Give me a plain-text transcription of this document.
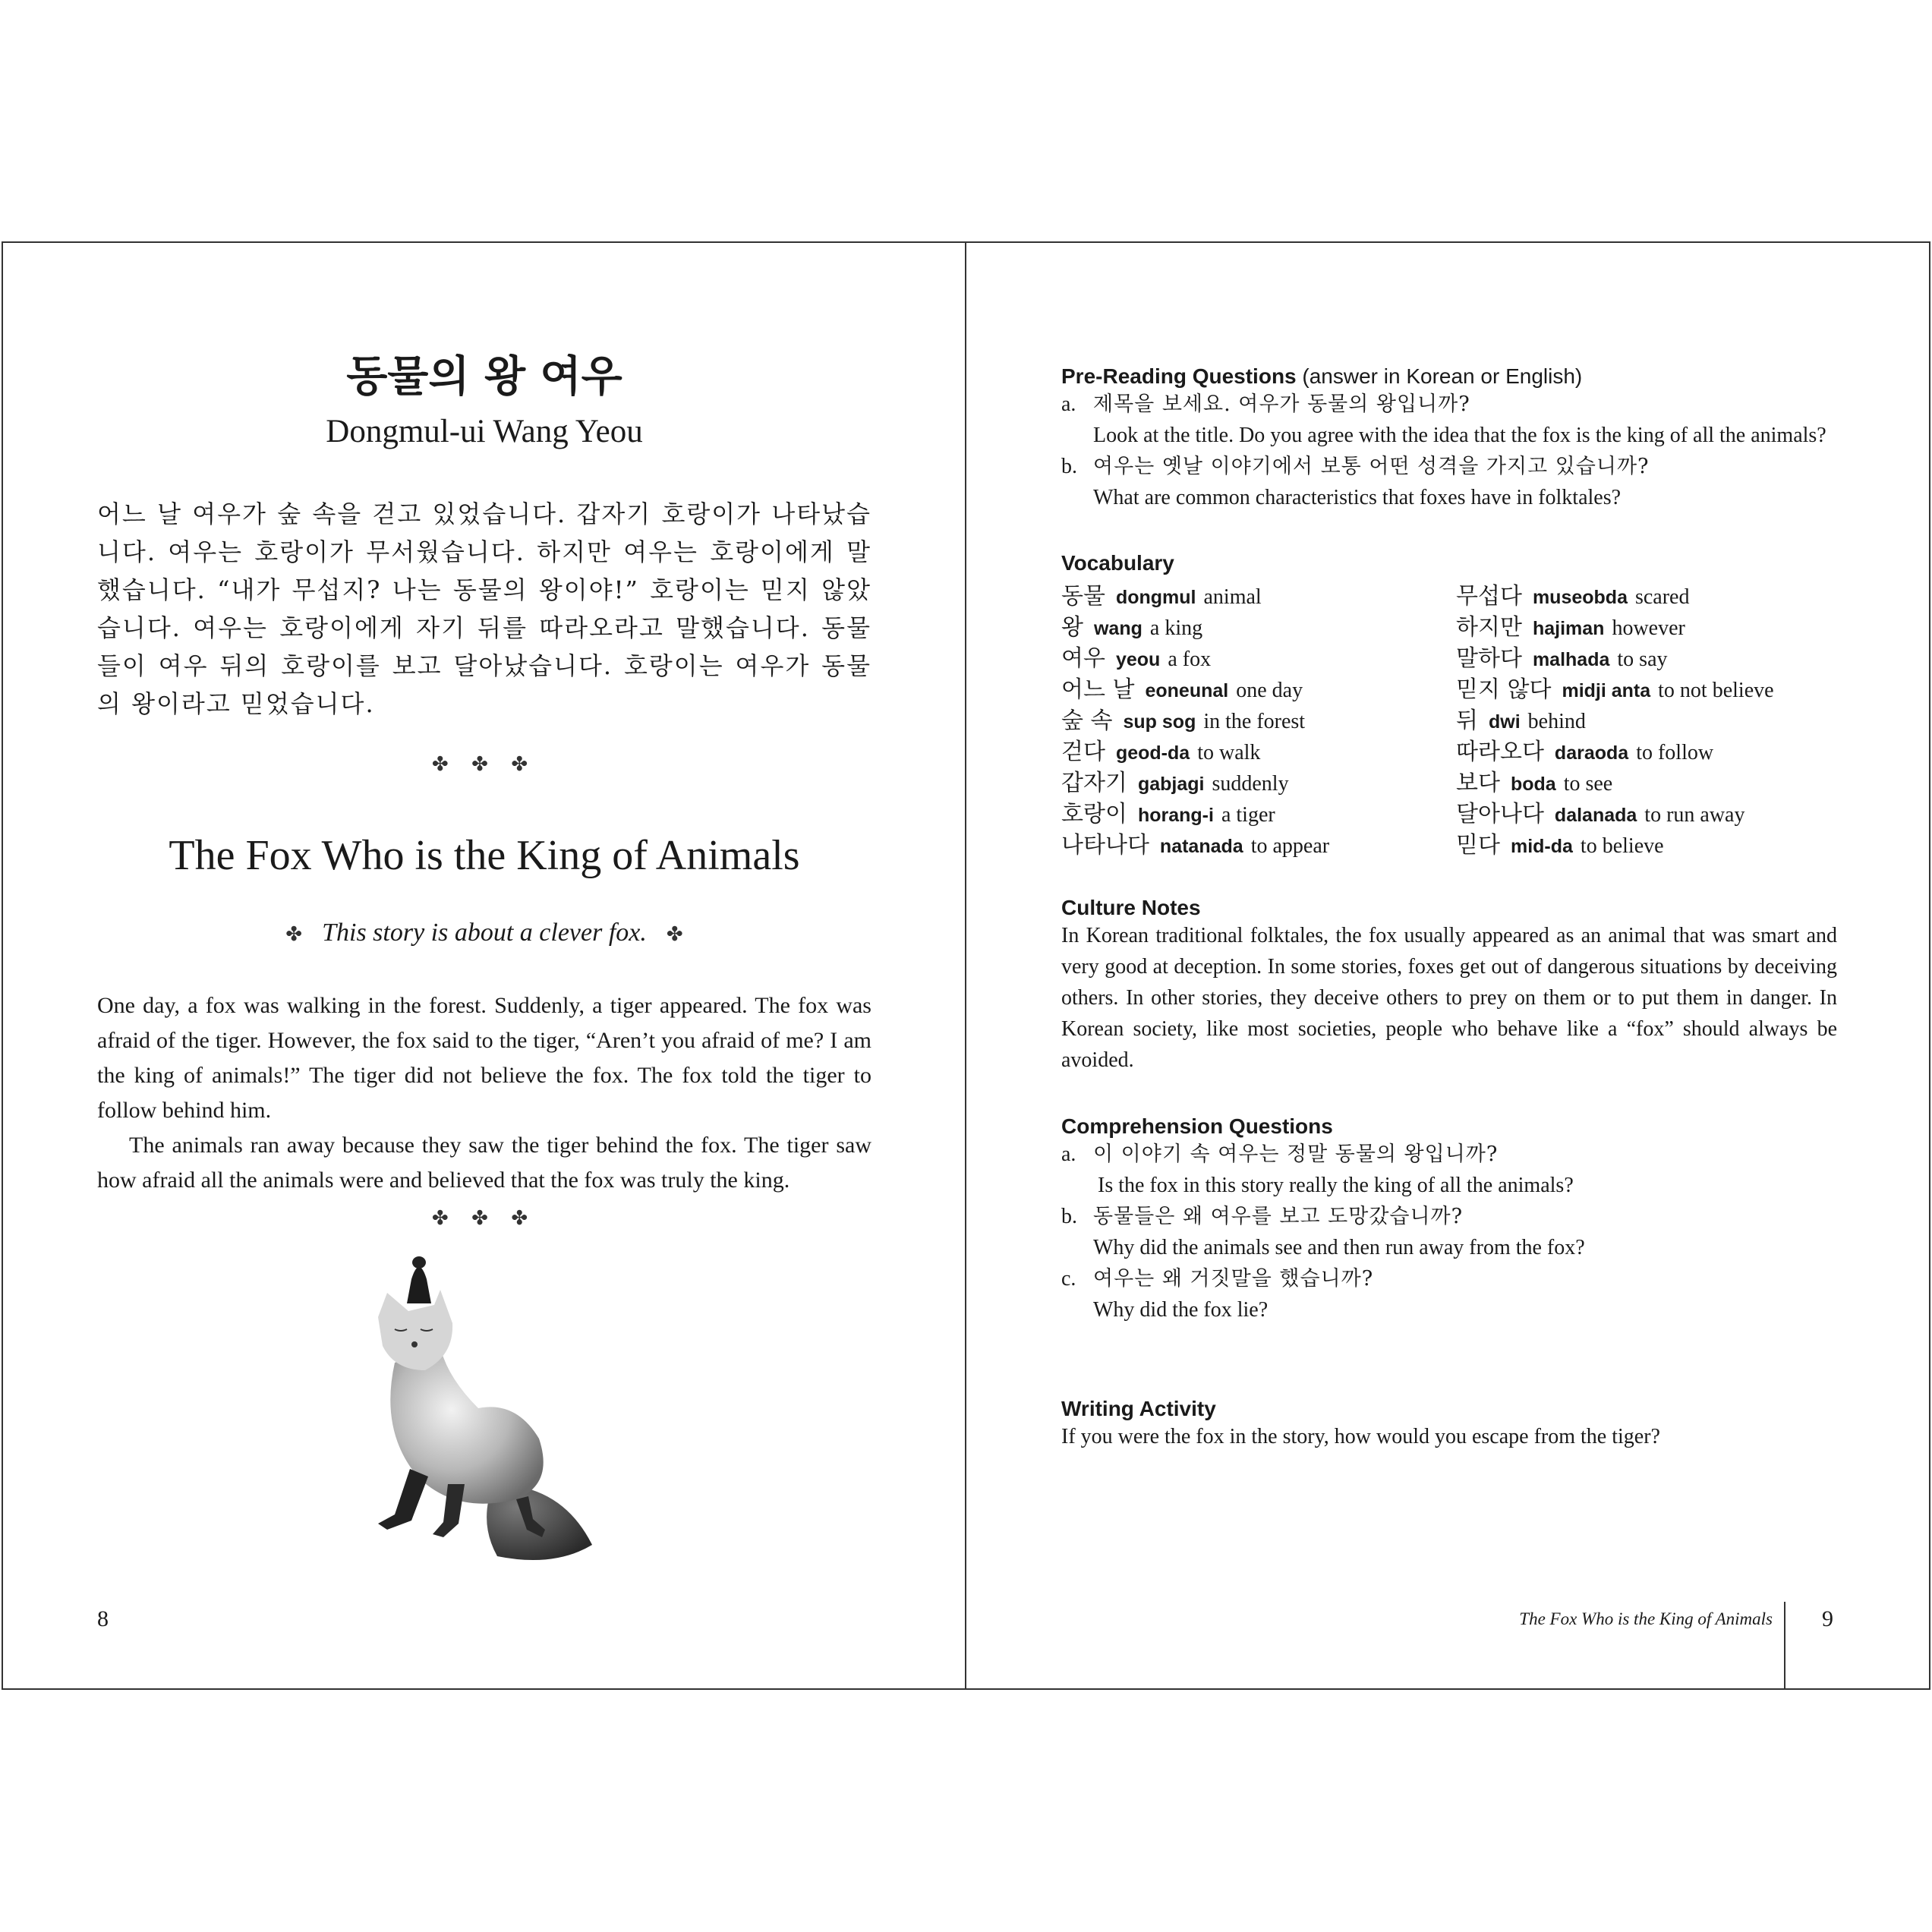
동물의 왕 여우
Dongmul-ui Wang Yeou
어느 날 여우가 숲 속을 걷고 있었습니다. 갑자기 호랑이가 나타났습니다. 여우는 호랑이가 무서웠습니다. 하지만 여우는 호랑이에게 말했습니다. “내가 무섭지? 나는 동물의 왕이야!” 호랑이는 믿지 않았습니다. 여우는 호랑이에게 자기 뒤를 따라오라고 말했습니다. 동물들이 여우 뒤의 호랑이를 보고 달아났습니다. 호랑이는 여우가 동물의 왕이라고 믿었습니다.
✤ ✤ ✤
The Fox Who is the King of Animals
✤ This story is about a clever fox. ✤

One day, a fox was walking in the forest. Suddenly, a tiger appeared. The fox was afraid of the tiger. However, the fox said to the tiger, “Aren’t you afraid of me? I am the king of animals!” The tiger did not believe the fox. The fox told the tiger to follow behind him.

The animals ran away because they saw the tiger behind the fox. The tiger saw how afraid all the animals were and believed that the fox was truly the king.

✤ ✤ ✤
8
Pre-Reading Questions (answer in Korean or English)
a. 제목을 보세요. 여우가 동물의 왕입니까?
Look at the title. Do you agree with the idea that the fox is the king of all the animals?
b. 여우는 옛날 이야기에서 보통 어떤 성격을 가지고 있습니까?
What are common characteristics that foxes have in folktales?
Vocabulary
동물 dongmul animal
왕 wang a king
여우 yeou a fox
어느 날 eoneunal one day
숲 속 sup sog in the forest
걷다 geod-da to walk
갑자기 gabjagi suddenly
호랑이 horang-i a tiger
나타나다 natanada to appear
무섭다 museobda scared
하지만 hajiman however
말하다 malhada to say
믿지 않다 midji anta to not believe
뒤 dwi behind
따라오다 daraoda to follow
보다 boda to see
달아나다 dalanada to run away
믿다 mid-da to believe
Culture Notes
In Korean traditional folktales, the fox usually appeared as an animal that was smart and very good at deception. In some stories, foxes get out of dangerous situations by deceiving others. In other stories, they deceive others to prey on them or to put them in danger. In Korean society, like most societies, people who behave like a “fox” should always be avoided.
Comprehension Questions
a. 이 이야기 속 여우는 정말 동물의 왕입니까?
Is the fox in this story really the king of all the animals?
b. 동물들은 왜 여우를 보고 도망갔습니까?
Why did the animals see and then run away from the fox?
c. 여우는 왜 거짓말을 했습니까?
Why did the fox lie?
Writing Activity
If you were the fox in the story, how would you escape from the tiger?
The Fox Who is the King of Animals 9
